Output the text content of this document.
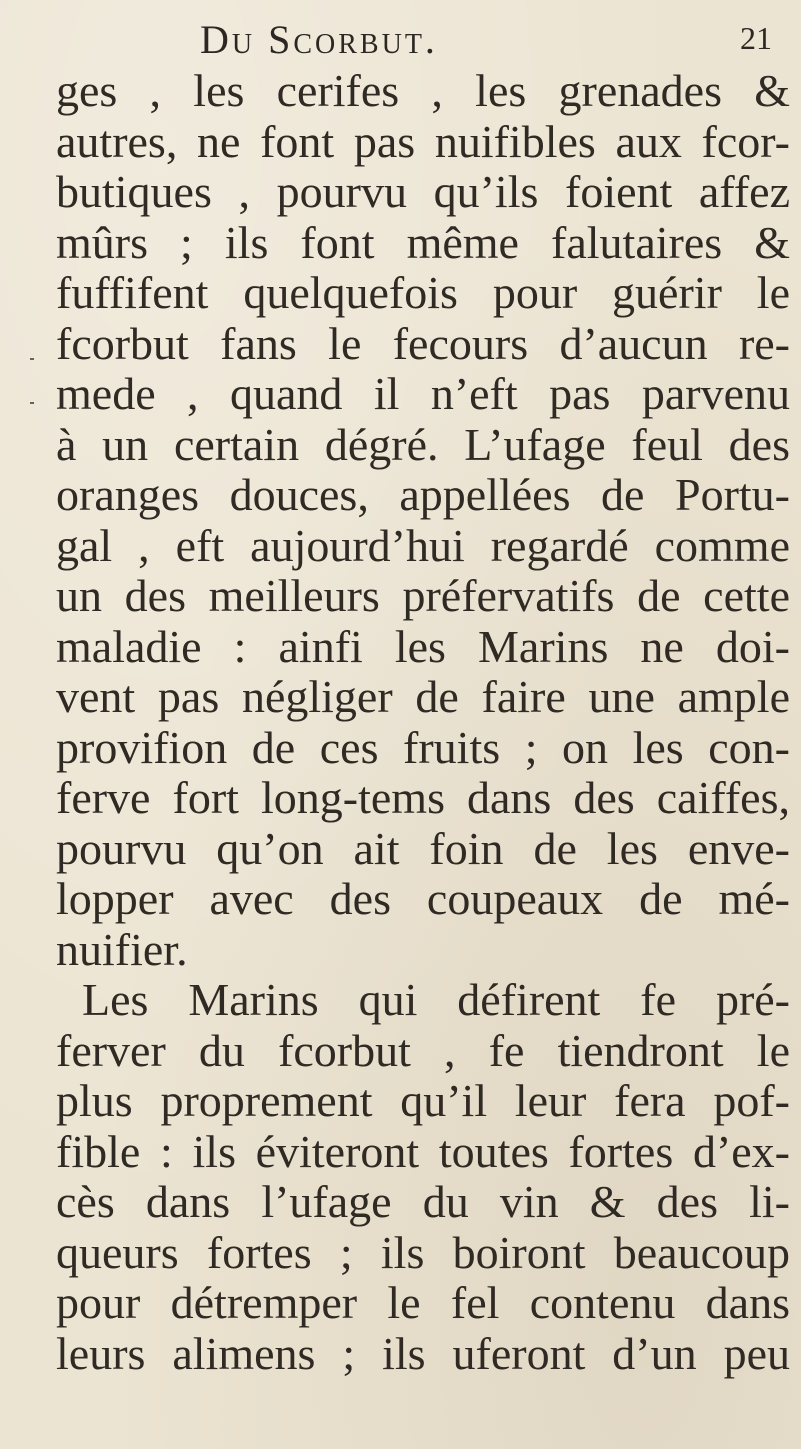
Du Scorbut.	21
ges , les cerifes , les grenades &
autres, ne font pas nuifibles aux fcor-
butiques , pourvu qu’ils foient affez
mûrs ; ils font même falutaires &
fuffifent quelquefois pour guérir le
fcorbut fans le fecours d’aucun re-
mede , quand il n’eft pas parvenu
à un certain dégré. L’ufage feul des
oranges douces, appellées de Portu-
gal , eft aujourd’hui regardé comme
un des meilleurs préfervatifs de cette
maladie : ainfi les Marins ne doi-
vent pas négliger de faire une ample
provifion de ces fruits ; on les con-
ferve fort long-tems dans des caiffes,
pourvu qu’on ait foin de les enve-
lopper avec des coupeaux de mé-
nuifier.
Les Marins qui défirent fe pré-
ferver du fcorbut , fe tiendront le
plus proprement qu’il leur fera pof-
fible : ils éviteront toutes fortes d’ex-
cès dans l’ufage du vin & des li-
queurs fortes ; ils boiront beaucoup
pour détremper le fel contenu dans
leurs alimens ; ils uferont d’un peu
